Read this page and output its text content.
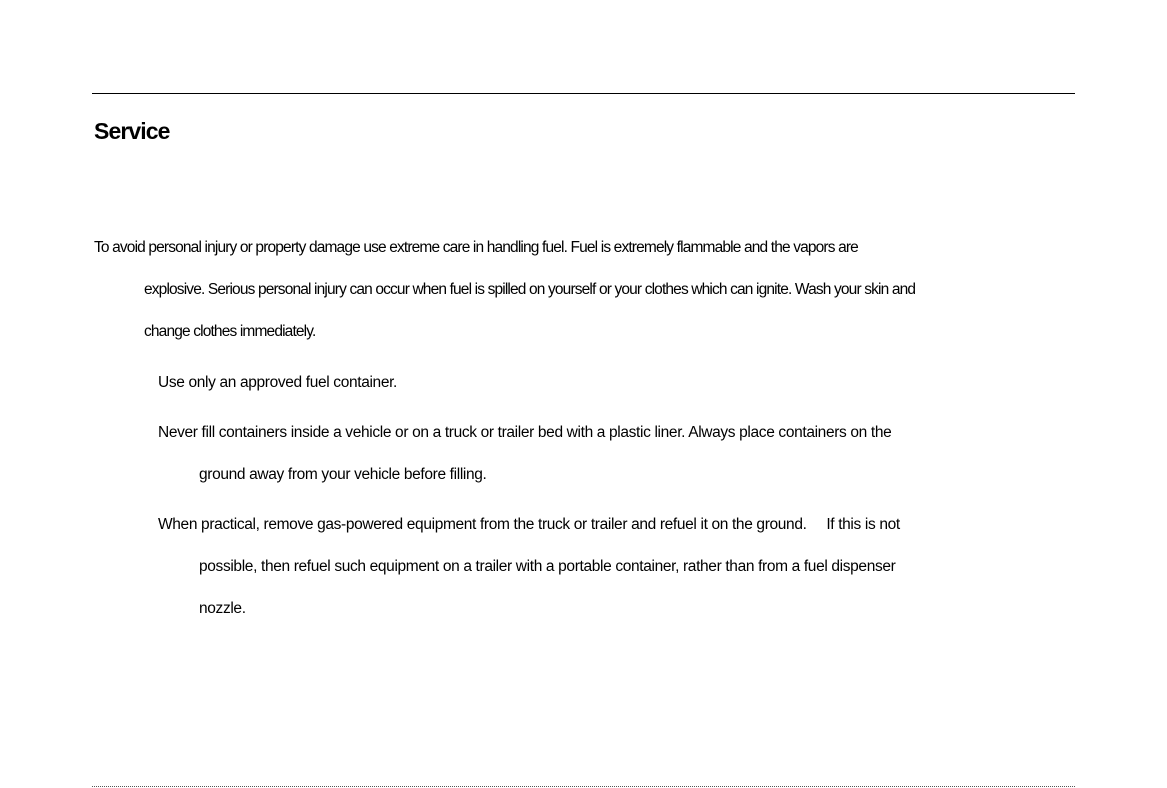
Service

To avoid personal injury or property damage use extreme care in handling fuel. Fuel is extremely flammable and the vapors are

explosive. Serious personal injury can occur when fuel is spilled on yourself or your clothes which can ignite. Wash your skin and

change clothes immediately.

Use only an approved fuel container.

Never fill containers inside a vehicle or on a truck or trailer bed with a plastic liner. Always place containers on the

ground away from your vehicle before filling.

When practical, remove gas-powered equipment from the truck or trailer and refuel it on the ground.     If this is not

possible, then refuel such equipment on a trailer with a portable container, rather than from a fuel dispenser

nozzle.
